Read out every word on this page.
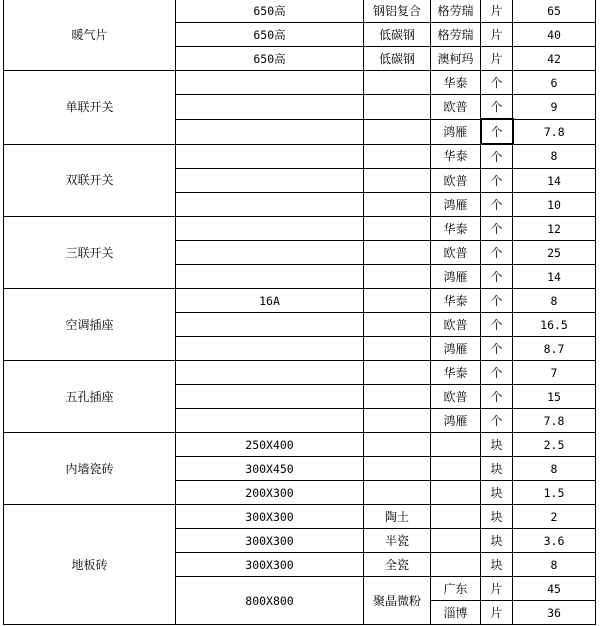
暖气片	650高	钢铝复合	格劳瑞	片	65
	650高	低碳钢	格劳瑞	片	40
	650高	低碳钢	澳柯玛	片	42
单联开关			华泰	个	6
			欧普	个	9
			鸿雁	个	7.8
双联开关			华泰	个	8
			欧普	个	14
			鸿雁	个	10
三联开关			华泰	个	12
			欧普	个	25
			鸿雁	个	14
空调插座	16A		华泰	个	8
			欧普	个	16.5
			鸿雁	个	8.7
五孔插座			华泰	个	7
			欧普	个	15
			鸿雁	个	7.8
内墙瓷砖	250X400			块	2.5
	300X450			块	8
	200X300			块	1.5
地板砖	300X300	陶土		块	2
	300X300	半瓷		块	3.6
	300X300	全瓷		块	8
	800X800	聚晶微粉	广东	片	45
			淄博	片	36
